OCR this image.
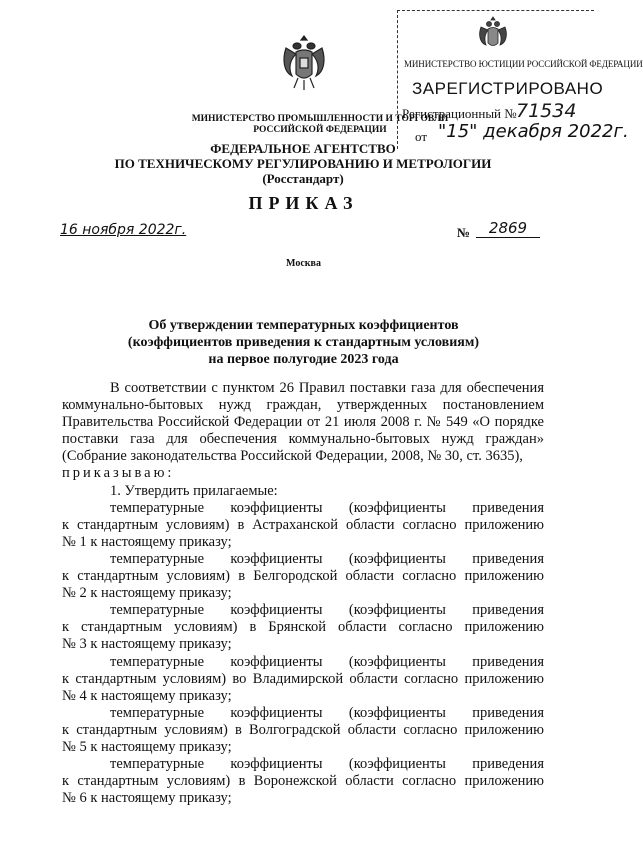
МИНИСТЕРСТВО ЮСТИЦИИ РОССИЙСКОЙ ФЕДЕРАЦИИ
ЗАРЕГИСТРИРОВАНО
Регистрационный № 71534
от "15" декабря 2022г.
МИНИСТЕРСТВО ПРОМЫШЛЕННОСТИ И ТОРГОВЛИ
РОССИЙСКОЙ ФЕДЕРАЦИИ
ФЕДЕРАЛЬНОЕ АГЕНТСТВО
ПО ТЕХНИЧЕСКОМУ РЕГУЛИРОВАНИЮ И МЕТРОЛОГИИ
(Росстандарт)
ПРИКАЗ
16 ноября 2022г.	№	2869
Москва
Об утверждении температурных коэффициентов
(коэффициентов приведения к стандартным условиям)
на первое полугодие 2023 года

В соответствии с пунктом 26 Правил поставки газа для обеспечения коммунально-бытовых нужд граждан, утвержденных постановлением Правительства Российской Федерации от 21 июля 2008 г. № 549 «О порядке поставки газа для обеспечения коммунально-бытовых нужд граждан» (Собрание законодательства Российской Федерации, 2008, № 30, ст. 3635),

приказываю:

1. Утвердить прилагаемые:

температурные коэффициенты (коэффициенты приведения

к стандартным условиям) в Астраханской области согласно приложению

№ 1 к настоящему приказу;

температурные коэффициенты (коэффициенты приведения

к стандартным условиям) в Белгородской области согласно приложению

№ 2 к настоящему приказу;

температурные коэффициенты (коэффициенты приведения

к стандартным условиям) в Брянской области согласно приложению

№ 3 к настоящему приказу;

температурные коэффициенты (коэффициенты приведения

к стандартным условиям) во Владимирской области согласно приложению

№ 4 к настоящему приказу;

температурные коэффициенты (коэффициенты приведения

к стандартным условиям) в Волгоградской области согласно приложению

№ 5 к настоящему приказу;

температурные коэффициенты (коэффициенты приведения

к стандартным условиям) в Воронежской области согласно приложению

№ 6 к настоящему приказу;
